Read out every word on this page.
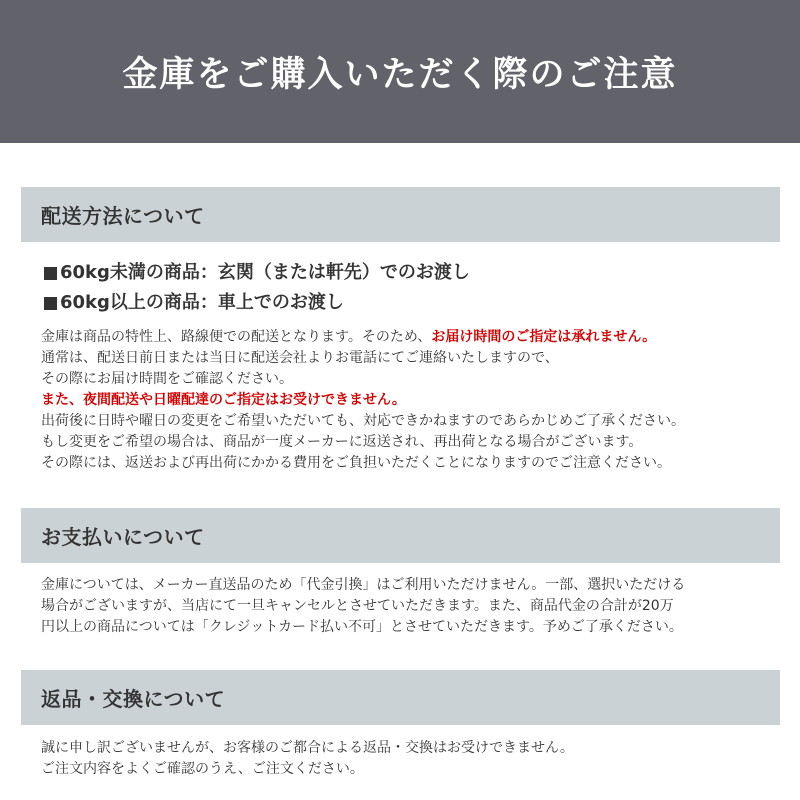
金庫をご購入いただく際のご注意
配送方法について
60kg未満の商品：玄関（または軒先）でのお渡し
60kg以上の商品：車上でのお渡し
金庫は商品の特性上、路線便での配送となります。そのため、お届け時間のご指定は承れません。
通常は、配送日前日または当日に配送会社よりお電話にてご連絡いたしますので、
その際にお届け時間をご確認ください。
また、夜間配送や日曜配達のご指定はお受けできません。
出荷後に日時や曜日の変更をご希望いただいても、対応できかねますのであらかじめご了承ください。
もし変更をご希望の場合は、商品が一度メーカーに返送され、再出荷となる場合がございます。
その際には、返送および再出荷にかかる費用をご負担いただくことになりますのでご注意ください。
お支払いについて
金庫については、メーカー直送品のため「代金引換」はご利用いただけません。一部、選択いただける
場合がございますが、当店にて一旦キャンセルとさせていただきます。また、商品代金の合計が20万
円以上の商品については「クレジットカード払い不可」とさせていただきます。予めご了承ください。
返品・交換について
誠に申し訳ございませんが、お客様のご都合による返品・交換はお受けできません。
ご注文内容をよくご確認のうえ、ご注文ください。
